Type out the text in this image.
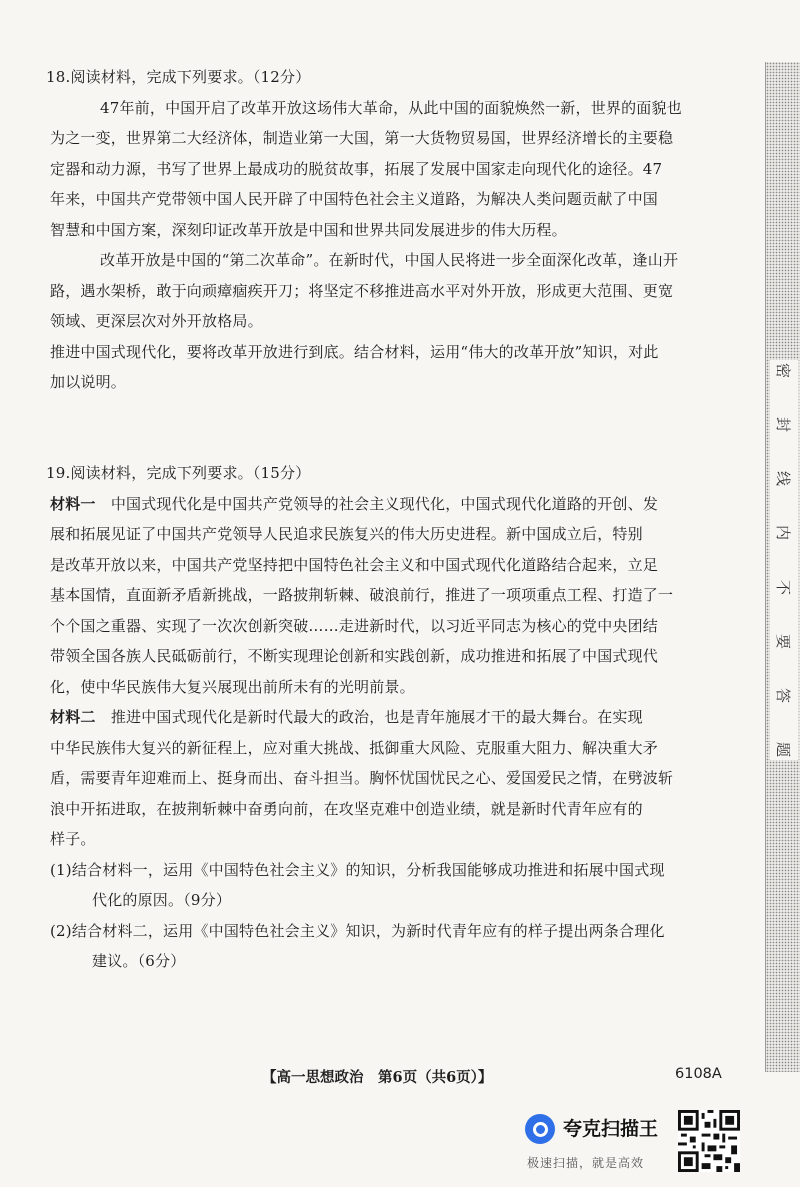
密
封
线
内
不
要
答
题
18.阅读材料，完成下列要求。（12分）
47年前，中国开启了改革开放这场伟大革命，从此中国的面貌焕然一新，世界的面貌也
为之一变，世界第二大经济体，制造业第一大国，第一大货物贸易国，世界经济增长的主要稳
定器和动力源，书写了世界上最成功的脱贫故事，拓展了发展中国家走向现代化的途径。47
年来，中国共产党带领中国人民开辟了中国特色社会主义道路，为解决人类问题贡献了中国
智慧和中国方案，深刻印证改革开放是中国和世界共同发展进步的伟大历程。
改革开放是中国的“第二次革命”。在新时代，中国人民将进一步全面深化改革，逢山开
路，遇水架桥，敢于向顽瘴痼疾开刀；将坚定不移推进高水平对外开放，形成更大范围、更宽
领域、更深层次对外开放格局。
推进中国式现代化，要将改革开放进行到底。结合材料，运用“伟大的改革开放”知识，对此
加以说明。
19.阅读材料，完成下列要求。（15分）
材料一　 中国式现代化是中国共产党领导的社会主义现代化，中国式现代化道路的开创、发
展和拓展见证了中国共产党领导人民追求民族复兴的伟大历史进程。新中国成立后，特别
是改革开放以来，中国共产党坚持把中国特色社会主义和中国式现代化道路结合起来，立足
基本国情，直面新矛盾新挑战，一路披荆斩棘、破浪前行，推进了一项项重点工程、打造了一
个个国之重器、实现了一次次创新突破……走进新时代，以习近平同志为核心的党中央团结
带领全国各族人民砥砺前行，不断实现理论创新和实践创新，成功推进和拓展了中国式现代
化，使中华民族伟大复兴展现出前所未有的光明前景。
材料二　 推进中国式现代化是新时代最大的政治，也是青年施展才干的最大舞台。在实现
中华民族伟大复兴的新征程上，应对重大挑战、抵御重大风险、克服重大阻力、解决重大矛
盾，需要青年迎难而上、挺身而出、奋斗担当。胸怀忧国忧民之心、爱国爱民之情，在劈波斩
浪中开拓进取，在披荆斩棘中奋勇向前，在攻坚克难中创造业绩，就是新时代青年应有的
样子。
(1)结合材料一，运用《中国特色社会主义》的知识，分析我国能够成功推进和拓展中国式现
代化的原因。（9分）
(2)结合材料二，运用《中国特色社会主义》知识，为新时代青年应有的样子提出两条合理化
建议。（6分）
【高一思想政治　第6页（共6页）】	6108A
夸克扫描王
极速扫描，就是高效
